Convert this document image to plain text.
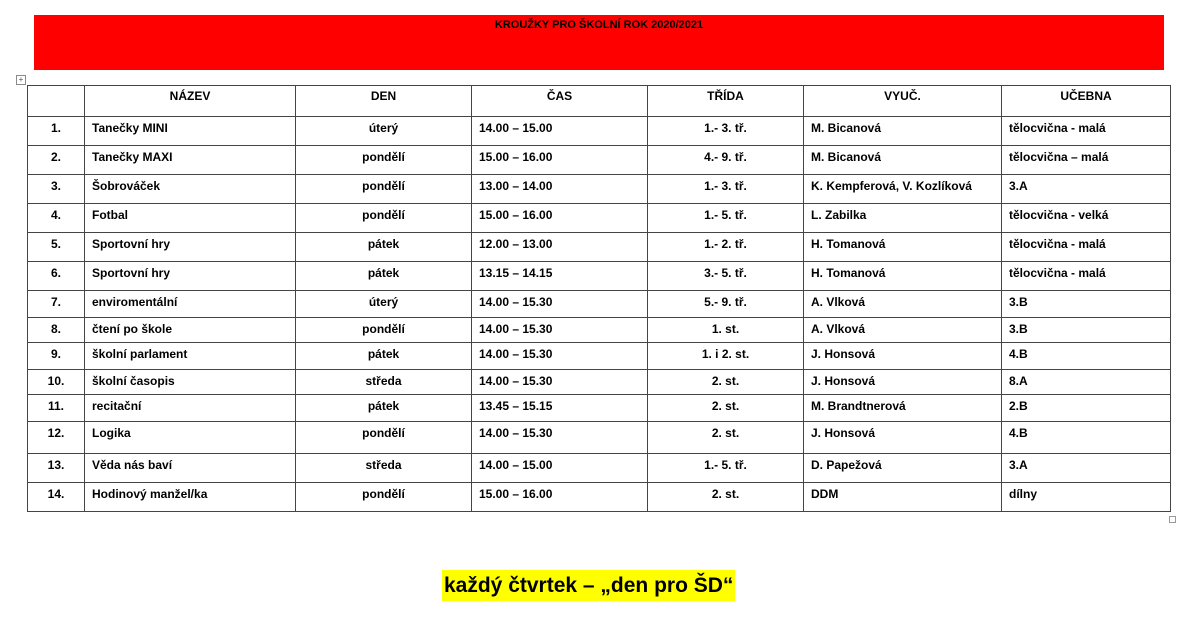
KROUŽKY PRO ŠKOLNÍ ROK 2020/2021
+
	NÁZEV	DEN	ČAS	TŘÍDA	VYUČ.	UČEBNA
1.	Tanečky MINI	úterý	14.00 – 15.00	1.- 3. tř.	M. Bicanová	tělocvična - malá
2.	Tanečky MAXI	pondělí	15.00 – 16.00	4.- 9. tř.	M. Bicanová	tělocvična – malá
3.	Šobrováček	pondělí	13.00 – 14.00	1.- 3. tř.	K. Kempferová, V. Kozlíková	3.A
4.	Fotbal	pondělí	15.00 – 16.00	1.- 5. tř.	L. Zabilka	tělocvična - velká
5.	Sportovní hry	pátek	12.00 – 13.00	1.- 2. tř.	H. Tomanová	tělocvična - malá
6.	Sportovní hry	pátek	13.15 – 14.15	3.- 5. tř.	H. Tomanová	tělocvična - malá
7.	enviromentální	úterý	14.00 – 15.30	5.- 9. tř.	A. Vlková	3.B
8.	čtení po škole	pondělí	14.00 – 15.30	1. st.	A. Vlková	3.B
9.	školní parlament	pátek	14.00 – 15.30	1. i 2. st.	J. Honsová	4.B
10.	školní časopis	středa	14.00 – 15.30	2. st.	J. Honsová	8.A
11.	recitační	pátek	13.45 – 15.15	2. st.	M. Brandtnerová	2.B
12.	Logika	pondělí	14.00 – 15.30	2. st.	J. Honsová	4.B
13.	Věda nás baví	středa	14.00 – 15.00	1.- 5. tř.	D. Papežová	3.A
14.	Hodinový manžel/ka	pondělí	15.00 – 16.00	2. st.	DDM	dílny
každý čtvrtek – „den pro ŠD“
